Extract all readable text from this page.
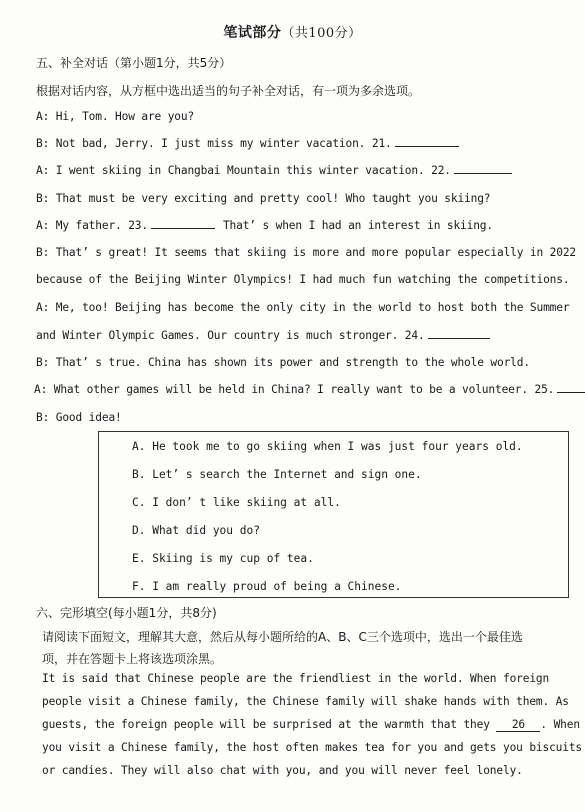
笔试部分（共100分）
五、补全对话（第小题1分，共5分）
根据对话内容，从方框中选出适当的句子补全对话，有一项为多余选项。
A: Hi, Tom. How are you?
B: Not bad, Jerry. I just miss my winter vacation. 21.
A: I went skiing in Changbai Mountain this winter vacation. 22.
B: That must be very exciting and pretty cool! Who taught you skiing?
A: My father. 23.	That’ s when I had an interest in skiing.
B: That’ s great! It seems that skiing is more and more popular especially in 2022
because of the Beijing Winter Olympics! I had much fun watching the competitions.
A: Me, too! Beijing has become the only city in the world to host both the Summer
and Winter Olympic Games. Our country is much stronger. 24.
B: That’ s true. China has shown its power and strength to the whole world.
A: What other games will be held in China? I really want to be a volunteer. 25.
B: Good idea!
A. He took me to go skiing when I was just four years old.
B. Let’ s search the Internet and sign one.
C. I don’ t like skiing at all.
D. What did you do?
E. Skiing is my cup of tea.
F. I am really proud of being a Chinese.
六、完形填空(每小题1分，共8分)
请阅读下面短文，理解其大意，然后从每小题所给的A、B、C三个选项中，选出一个最佳选
项，并在答题卡上将该选项涂黑。
It is said that Chinese people are the friendliest in the world. When foreign
people visit a Chinese family, the Chinese family will shake hands with them. As
guests, the foreign people will be surprised at the warmth that they 26 . When
you visit a Chinese family, the host often makes tea for you and gets you biscuits
or candies. They will also chat with you, and you will never feel lonely.
